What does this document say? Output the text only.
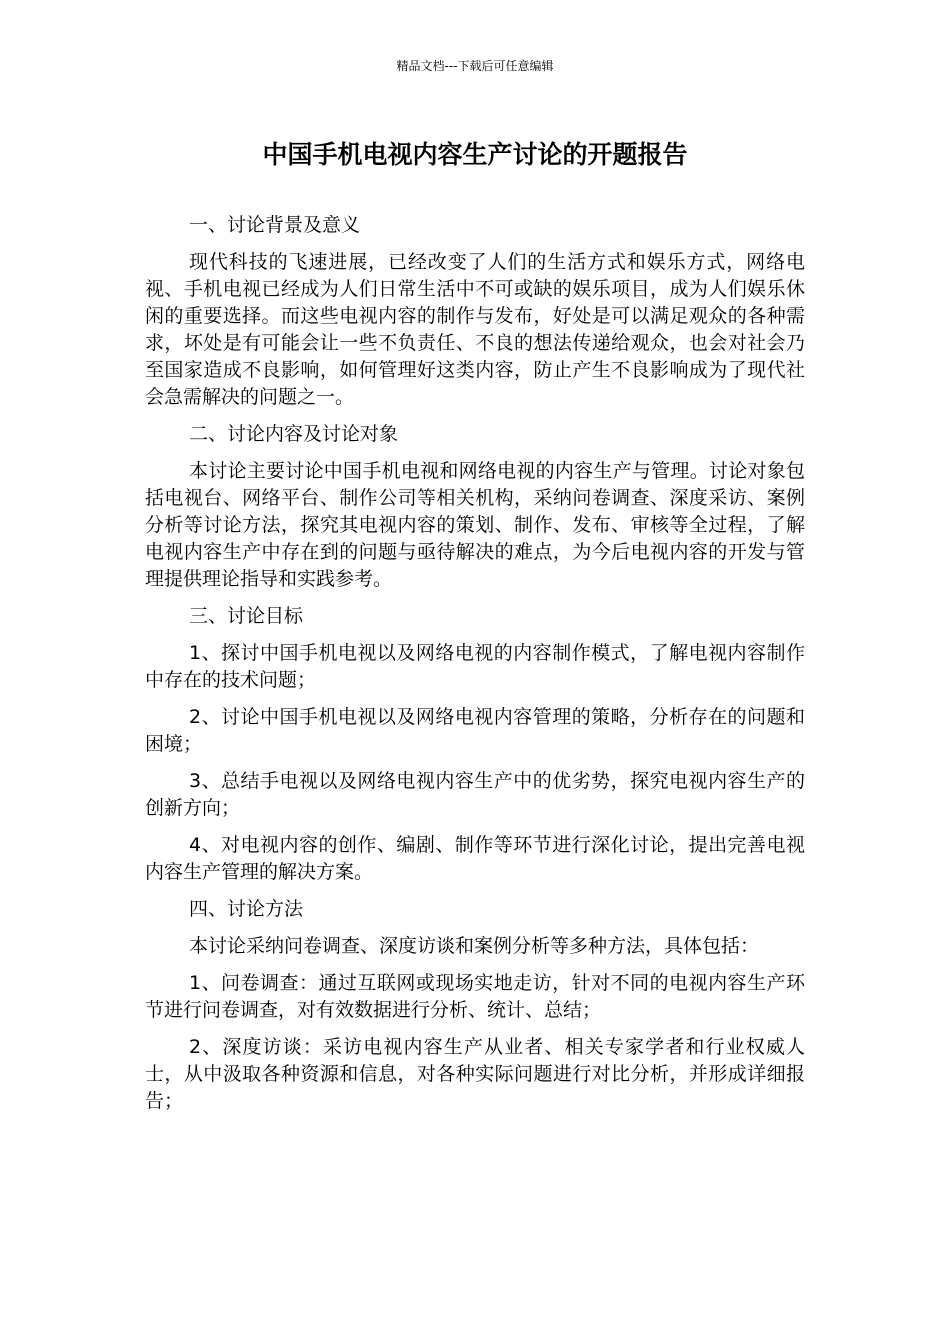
精品文档---下载后可任意编辑
中国手机电视内容生产讨论的开题报告

一、讨论背景及意义

现代科技的飞速进展，已经改变了人们的生活方式和娱乐方式，网络电视、手机电视已经成为人们日常生活中不可或缺的娱乐项目，成为人们娱乐休闲的重要选择。而这些电视内容的制作与发布，好处是可以满足观众的各种需求，坏处是有可能会让一些不负责任、不良的想法传递给观众，也会对社会乃至国家造成不良影响，如何管理好这类内容，防止产生不良影响成为了现代社会急需解决的问题之一。

二、讨论内容及讨论对象

本讨论主要讨论中国手机电视和网络电视的内容生产与管理。讨论对象包括电视台、网络平台、制作公司等相关机构，采纳问卷调查、深度采访、案例分析等讨论方法，探究其电视内容的策划、制作、发布、审核等全过程，了解电视内容生产中存在到的问题与亟待解决的难点，为今后电视内容的开发与管理提供理论指导和实践参考。

三、讨论目标

1、探讨中国手机电视以及网络电视的内容制作模式，了解电视内容制作中存在的技术问题；

2、讨论中国手机电视以及网络电视内容管理的策略，分析存在的问题和困境；

3、总结手电视以及网络电视内容生产中的优劣势，探究电视内容生产的创新方向；

4、对电视内容的创作、编剧、制作等环节进行深化讨论，提出完善电视内容生产管理的解决方案。

四、讨论方法

本讨论采纳问卷调查、深度访谈和案例分析等多种方法，具体包括：

1、问卷调查：通过互联网或现场实地走访，针对不同的电视内容生产环节进行问卷调查，对有效数据进行分析、统计、总结；

2、深度访谈：采访电视内容生产从业者、相关专家学者和行业权威人士，从中汲取各种资源和信息，对各种实际问题进行对比分析，并形成详细报告；
